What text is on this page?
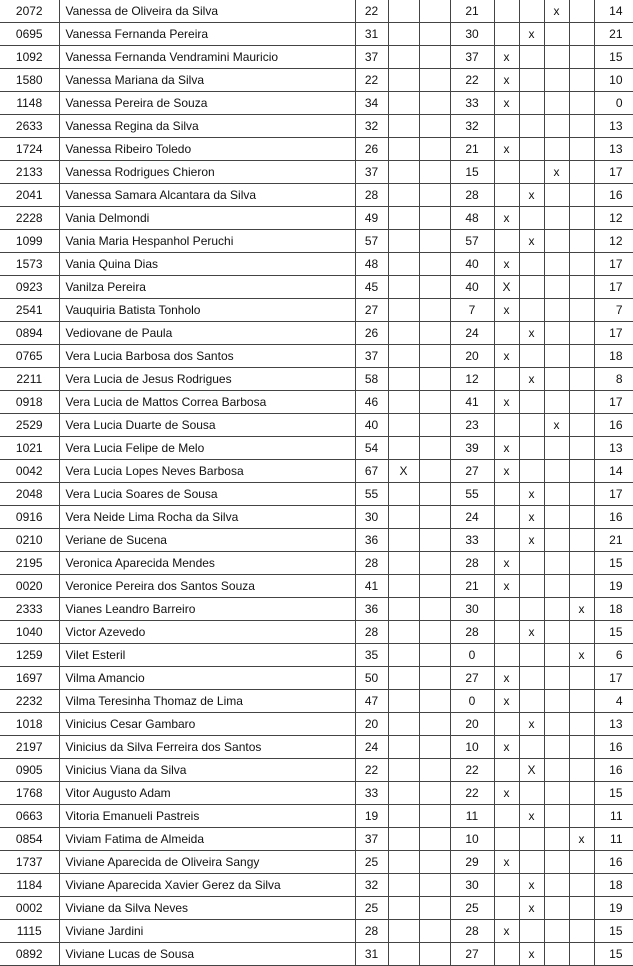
2072	Vanessa de Oliveira da Silva	22			21			x		14
0695	Vanessa Fernanda Pereira	31			30		x			21
1092	Vanessa Fernanda Vendramini Mauricio	37			37	x				15
1580	Vanessa Mariana da Silva	22			22	x				10
1148	Vanessa Pereira de Souza	34			33	x				0
2633	Vanessa Regina da Silva	32			32					13
1724	Vanessa Ribeiro Toledo	26			21	x				13
2133	Vanessa Rodrigues Chieron	37			15			x		17
2041	Vanessa Samara Alcantara da Silva	28			28		x			16
2228	Vania Delmondi	49			48	x				12
1099	Vania Maria Hespanhol Peruchi	57			57		x			12
1573	Vania Quina Dias	48			40	x				17
0923	Vanilza Pereira	45			40	X				17
2541	Vauquiria Batista Tonholo	27			7	x				7
0894	Vediovane de Paula	26			24		x			17
0765	Vera Lucia Barbosa dos Santos	37			20	x				18
2211	Vera Lucia de Jesus Rodrigues	58			12		x			8
0918	Vera Lucia de Mattos Correa Barbosa	46			41	x				17
2529	Vera Lucia Duarte de Sousa	40			23			x		16
1021	Vera Lucia Felipe de Melo	54			39	x				13
0042	Vera Lucia Lopes Neves Barbosa	67	X		27	x				14
2048	Vera Lucia Soares de Sousa	55			55		x			17
0916	Vera Neide Lima Rocha da Silva	30			24		x			16
0210	Veriane de Sucena	36			33		x			21
2195	Veronica Aparecida Mendes	28			28	x				15
0020	Veronice Pereira dos Santos Souza	41			21	x				19
2333	Vianes Leandro Barreiro	36			30				x	18
1040	Victor Azevedo	28			28		x			15
1259	Vilet Esteril	35			0				x	6
1697	Vilma Amancio	50			27	x				17
2232	Vilma Teresinha Thomaz de Lima	47			0	x				4
1018	Vinicius Cesar Gambaro	20			20		x			13
2197	Vinicius da Silva Ferreira dos Santos	24			10	x				16
0905	Vinicius Viana da Silva	22			22		X			16
1768	Vitor Augusto Adam	33			22	x				15
0663	Vitoria Emanueli Pastreis	19			11		x			11
0854	Viviam Fatima de Almeida	37			10				x	11
1737	Viviane Aparecida de Oliveira Sangy	25			29	x				16
1184	Viviane Aparecida Xavier Gerez da Silva	32			30		x			18
0002	Viviane da Silva Neves	25			25		x			19
1115	Viviane Jardini	28			28	x				15
0892	Viviane Lucas de Sousa	31			27		x			15
